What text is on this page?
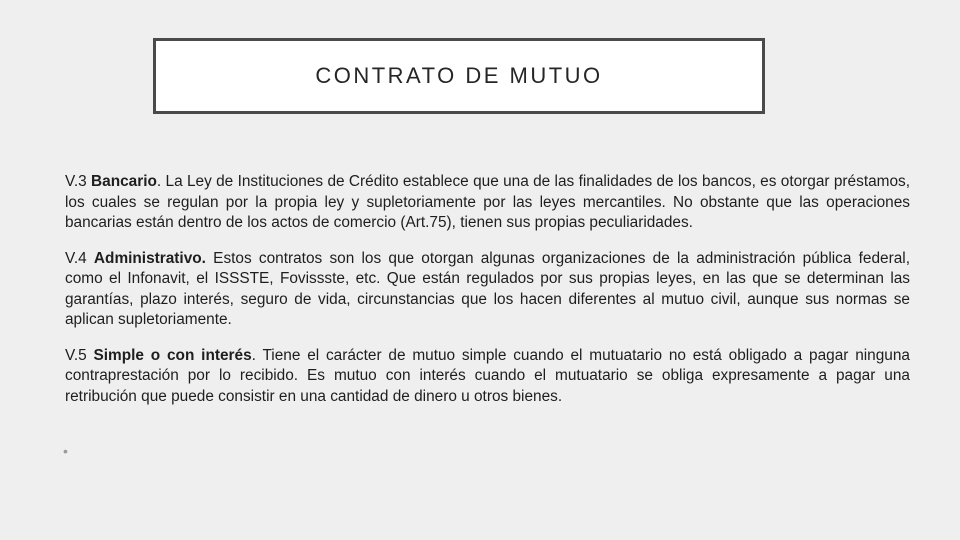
CONTRATO DE MUTUO

V.3 Bancario. La Ley de Instituciones de Crédito establece que una de las finalidades de los bancos, es otorgar préstamos, los cuales se regulan por la propia ley y supletoriamente por las leyes mercantiles. No obstante que las operaciones bancarias están dentro de los actos de comercio (Art.75), tienen sus propias peculiaridades.

V.4 Administrativo. Estos contratos son los que otorgan algunas organizaciones de la administración pública federal, como el Infonavit, el ISSSTE, Fovissste, etc. Que están regulados por sus propias leyes, en las que se determinan las garantías, plazo interés, seguro de vida, circunstancias que los hacen diferentes al mutuo civil, aunque sus normas se aplican supletoriamente.

V.5 Simple o con interés. Tiene el carácter de mutuo simple cuando el mutuatario no está obligado a pagar ninguna contraprestación por lo recibido. Es mutuo con interés cuando el mutuatario se obliga expresamente a pagar una retribución que puede consistir en una cantidad de dinero u otros bienes.

•
